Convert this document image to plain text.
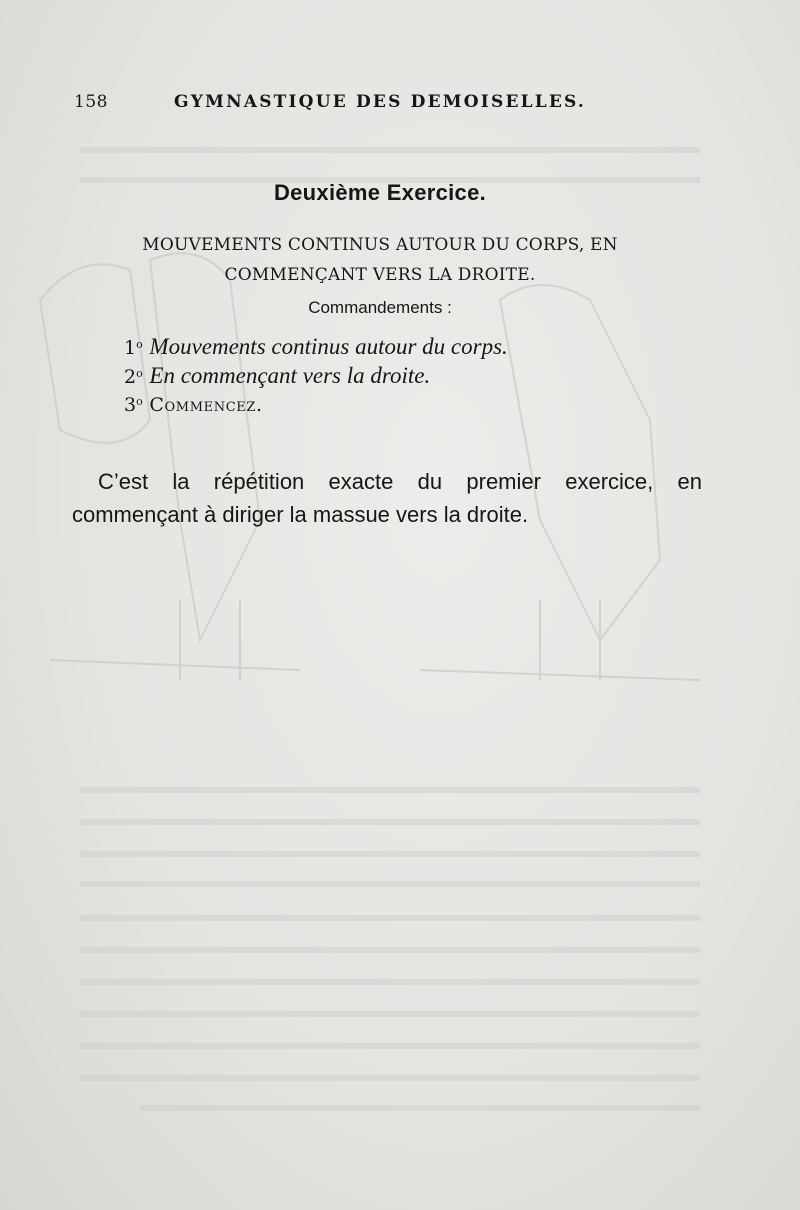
158	GYMNASTIQUE DES DEMOISELLES.
Deuxième Exercice.
MOUVEMENTS CONTINUS AUTOUR DU CORPS, EN
COMMENÇANT VERS LA DROITE.
Commandements :
1$^o$ Mouvements continus autour du corps.
2$^o$ En commençant vers la droite.
3$^o$ Commencez.

C’est la répétition exacte du premier exercice, en commençant à diriger la massue vers la droite.
